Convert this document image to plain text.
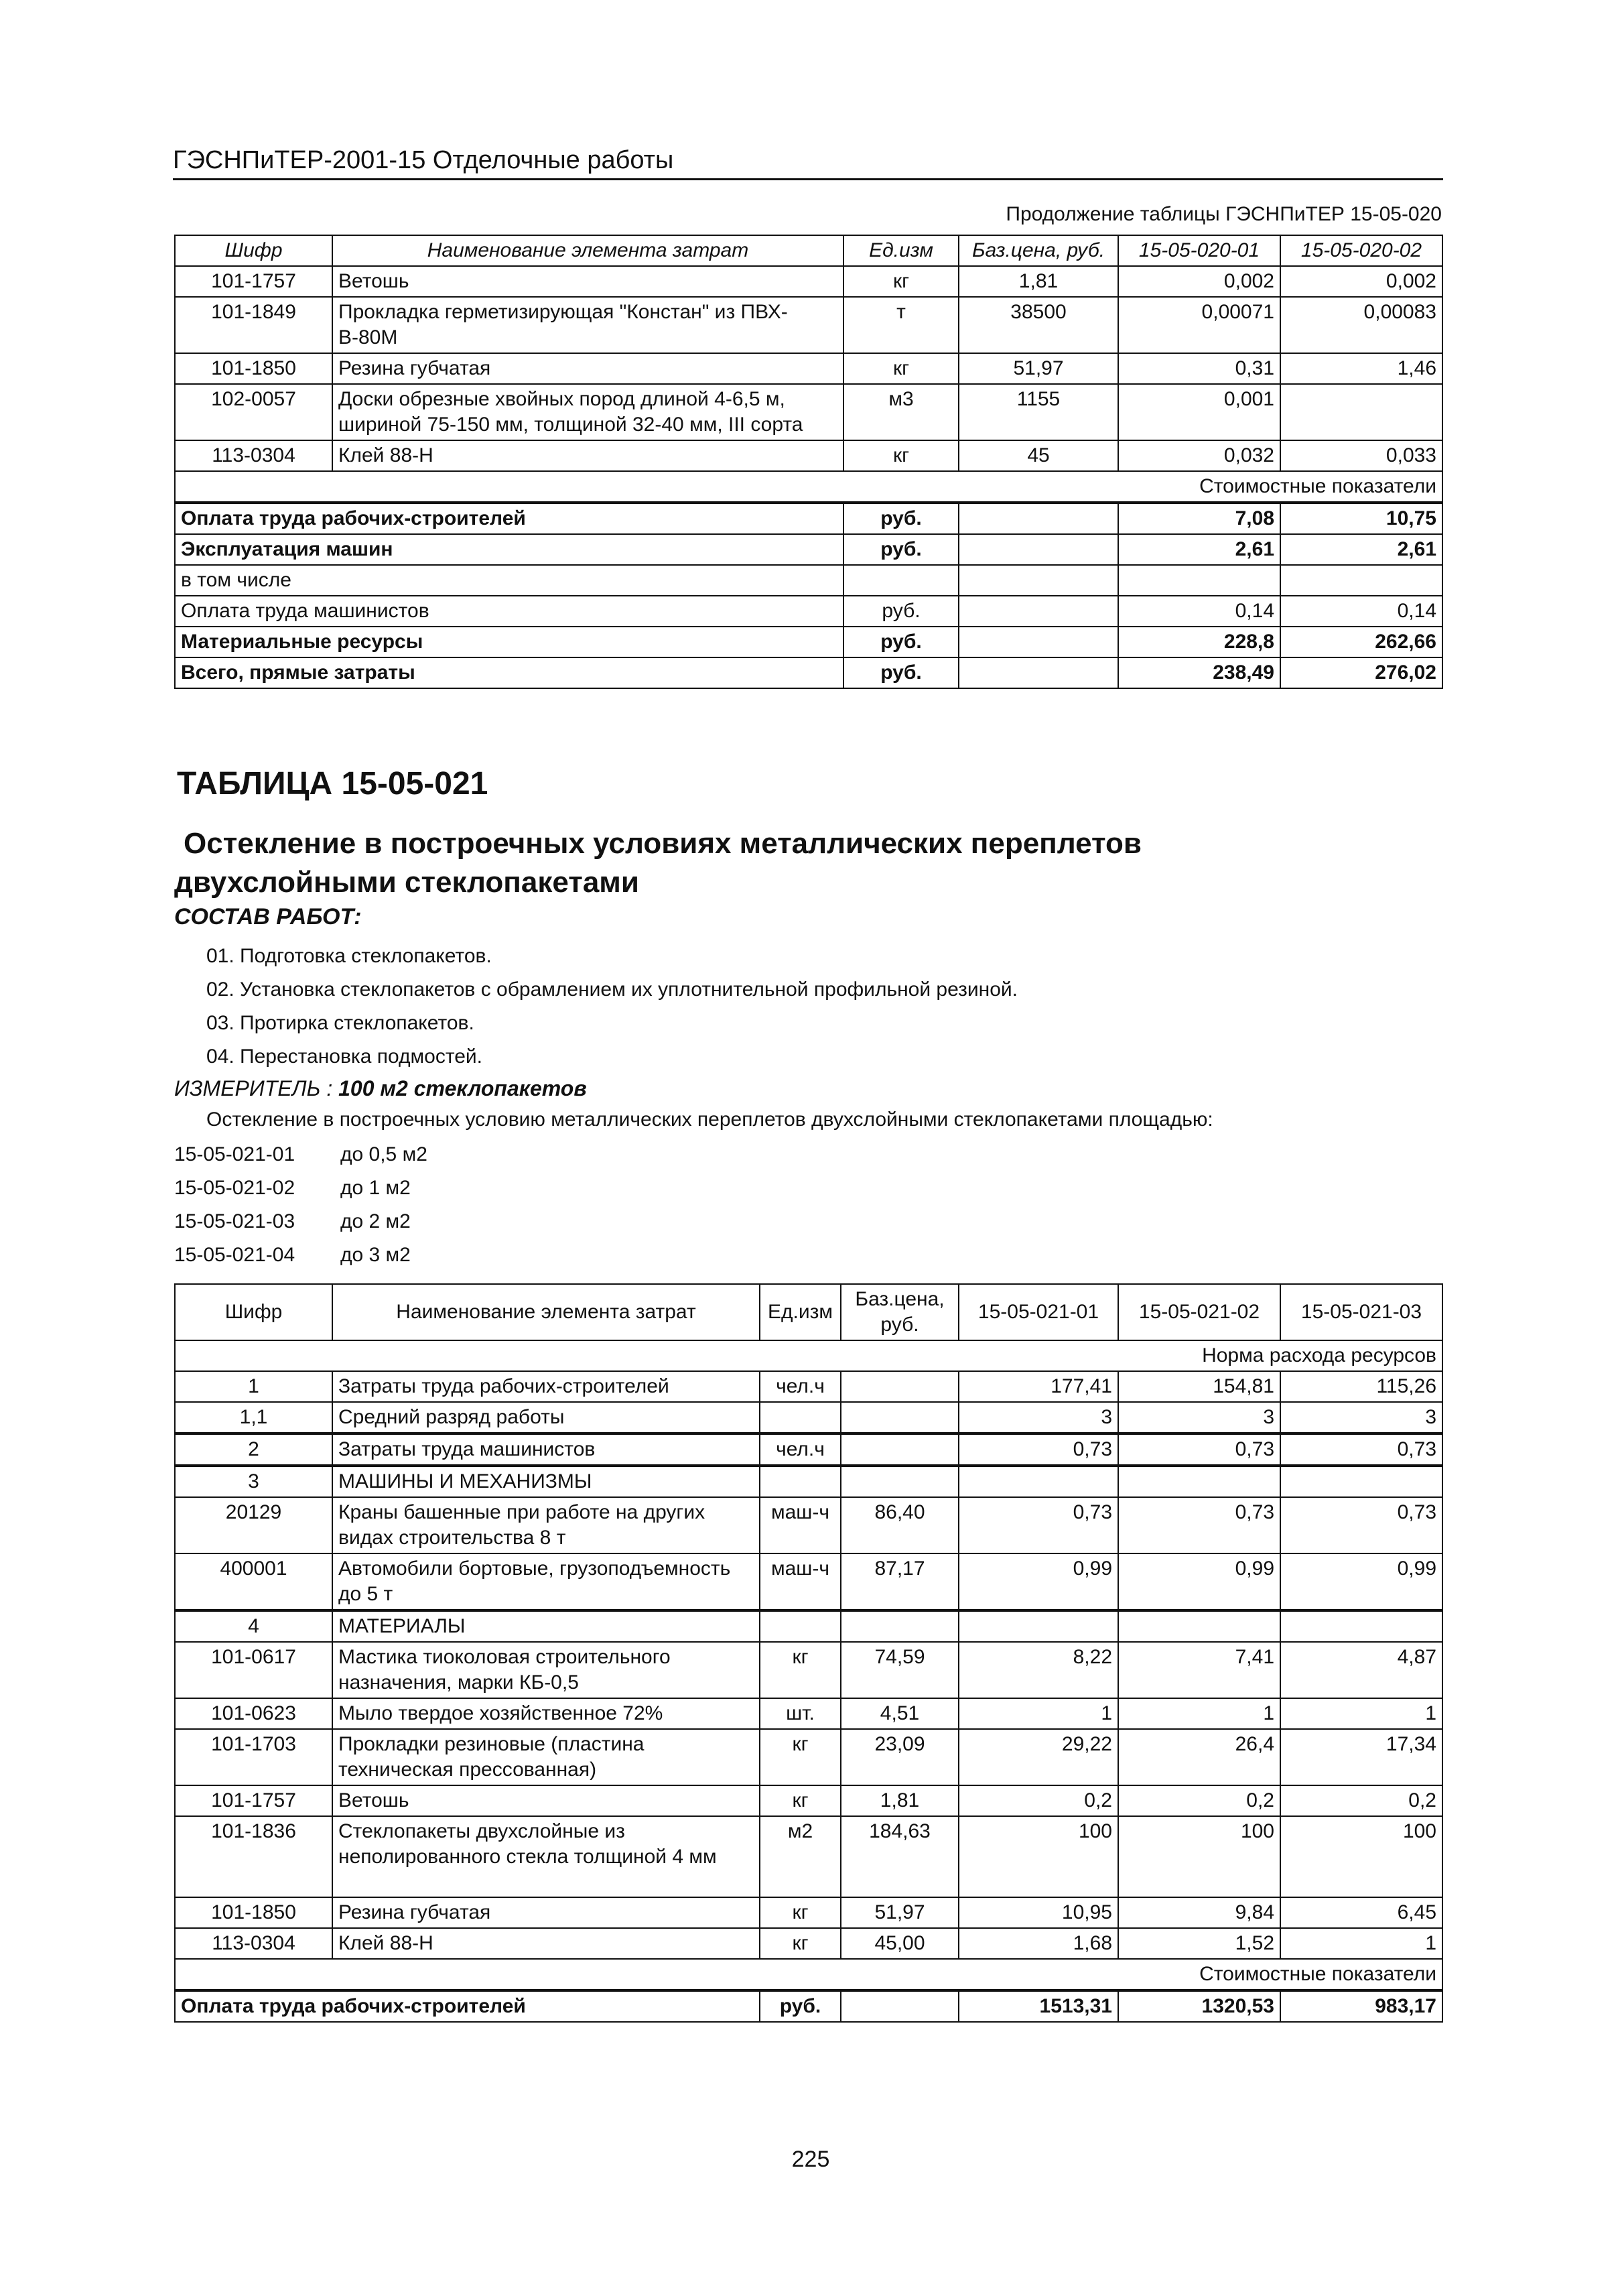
ГЭСНПиТЕР-2001-15 Отделочные работы
Продолжение таблицы ГЭСНПиТЕР 15-05-020
Шифр	Наименование элемента затрат	Ед.изм	Баз.цена, руб.	15-05-020-01	15-05-020-02
101-1757	Ветошь	кг	1,81	0,002	0,002
101-1849	Прокладка герметизирующая "Констан" из ПВХ-В-80М	т	38500	0,00071	0,00083
101-1850	Резина губчатая	кг	51,97	0,31	1,46
102-0057	Доски обрезные хвойных пород длиной 4-6,5 м, шириной 75-150 мм, толщиной 32-40 мм, III сорта	м3	1155	0,001	
113-0304	Клей 88-Н	кг	45	0,032	0,033
Стоимостные показатели					
Оплата труда рабочих-строителей		руб.		7,08	10,75
Эксплуатация машин		руб.		2,61	2,61
в том числе					
Оплата труда машинистов		руб.		0,14	0,14
Материальные ресурсы		руб.		228,8	262,66
Всего, прямые затраты		руб.		238,49	276,02
ТАБЛИЦА 15-05-021
Остекление в построечных условиях металлических переплетов
двухслойными стеклопакетами
СОСТАВ РАБОТ:
01. Подготовка стеклопакетов.
02. Установка стеклопакетов с обрамлением их уплотнительной профильной резиной.
03. Протирка стеклопакетов.
04. Перестановка подмостей.
ИЗМЕРИТЕЛЬ : 100 м2 стеклопакетов
Остекление в построечных условию металлических переплетов двухслойными стеклопакетами площадью:
15-05-021-01	до 0,5 м2
15-05-021-02	до 1 м2
15-05-021-03	до 2 м2
15-05-021-04	до 3 м2
Шифр	Наименование элемента затрат	Ед.изм	Баз.цена, руб.	15-05-021-01	15-05-021-02	15-05-021-03
Норма расхода ресурсов						
1	Затраты труда рабочих-строителей	чел.ч		177,41	154,81	115,26
1,1	Средний разряд работы			3	3	3
2	Затраты труда машинистов	чел.ч		0,73	0,73	0,73
3	МАШИНЫ И МЕХАНИЗМЫ					
20129	Краны башенные при работе на других видах строительства 8 т	маш-ч	86,40	0,73	0,73	0,73
400001	Автомобили бортовые, грузоподъемность до 5 т	маш-ч	87,17	0,99	0,99	0,99
4	МАТЕРИАЛЫ					
101-0617	Мастика тиоколовая строительного назначения, марки КБ-0,5	кг	74,59	8,22	7,41	4,87
101-0623	Мыло твердое хозяйственное 72%	шт.	4,51	1	1	1
101-1703	Прокладки резиновые (пластина техническая прессованная)	кг	23,09	29,22	26,4	17,34
101-1757	Ветошь	кг	1,81	0,2	0,2	0,2
101-1836	Стеклопакеты двухслойные из неполированного стекла толщиной 4 мм	м2	184,63	100	100	100
101-1850	Резина губчатая	кг	51,97	10,95	9,84	6,45
113-0304	Клей 88-Н	кг	45,00	1,68	1,52	1
Стоимостные показатели						
Оплата труда рабочих-строителей		руб.		1513,31	1320,53	983,17
225
